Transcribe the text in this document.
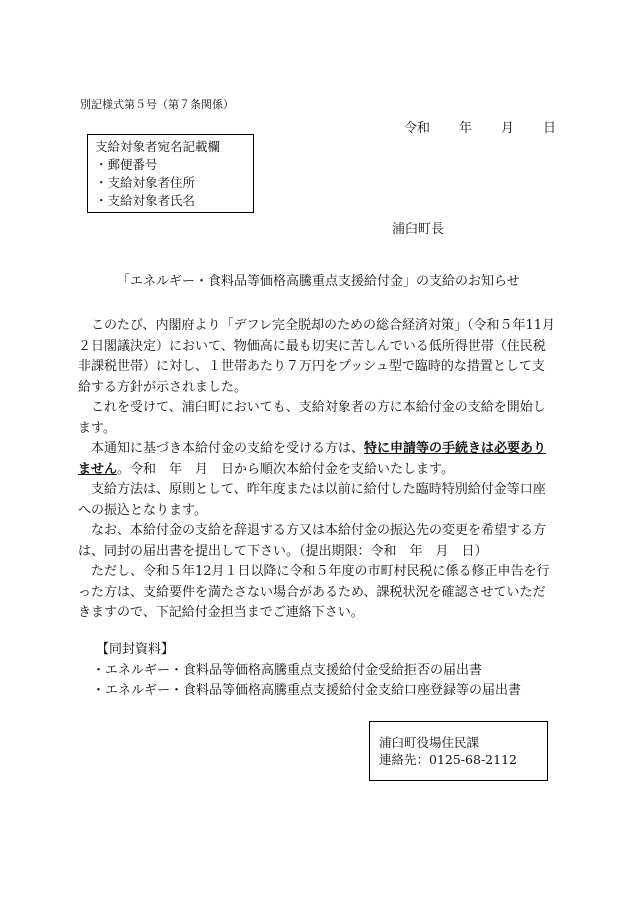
別記様式第５号（第７条関係）
令和 年 月 日
支給対象者宛名記載欄
・郵便番号
・支給対象者住所
・支給対象者氏名
浦臼町長
「エネルギー・食料品等価格高騰重点支援給付金」の支給のお知らせ

このたび、内閣府より「デフレ完全脱却のための総合経済対策」（令和５年11月２日閣議決定）において、物価高に最も切実に苦しんでいる低所得世帯（住民税非課税世帯）に対し、１世帯あたり７万円をプッシュ型で臨時的な措置として支給する方針が示されました。

これを受けて、浦臼町においても、支給対象者の方に本給付金の支給を開始します。

本通知に基づき本給付金の支給を受ける方は、特に申請等の手続きは必要ありません。令和　年　月　日から順次本給付金を支給いたします。

支給方法は、原則として、昨年度または以前に給付した臨時特別給付金等口座への振込となります。

なお、本給付金の支給を辞退する方又は本給付金の振込先の変更を希望する方は、同封の届出書を提出して下さい。（提出期限：令和　年　月　日）

ただし、令和５年12月１日以降に令和５年度の市町村民税に係る修正申告を行った方は、支給要件を満たさない場合があるため、課税状況を確認させていただきますので、下記給付金担当までご連絡下さい。

【同封資料】
・エネルギー・食料品等価格高騰重点支援給付金受給拒否の届出書
・エネルギー・食料品等価格高騰重点支援給付金支給口座登録等の届出書
浦臼町役場住民課
連絡先：0125-68-2112
